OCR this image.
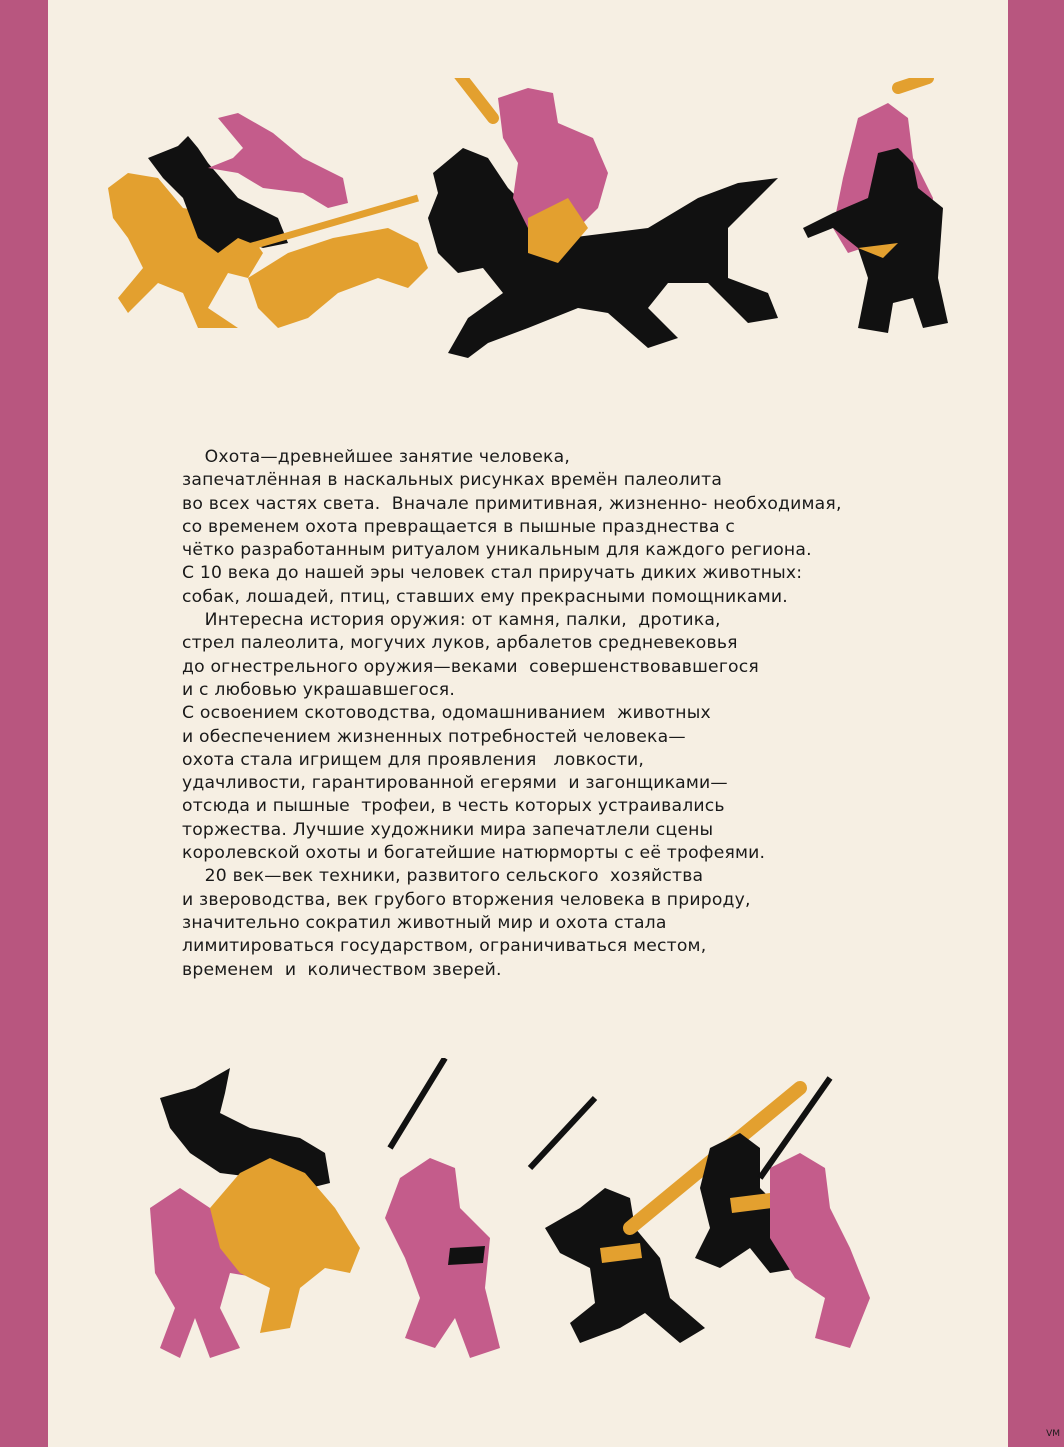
Охота—древнейшее занятие человека,
запечатлённая в наскальных рисунках времён палеолита
во всех частях света.  Вначале примитивная, жизненно- необходимая,
со временем охота превращается в пышные празднества с
чётко разработанным ритуалом уникальным для каждого региона.
С 10 века до нашей эры человек стал приручать диких животных:
собак, лошадей, птиц, ставших ему прекрасными помощниками.
Интересна история оружия: от камня, палки,  дротика,
стрел палеолита, могучих луков, арбалетов средневековья
до огнестрельного оружия—веками  совершенствовавшегося
и с любовью украшавшегося.
С освоением скотоводства, одомашниванием  животных
и обеспечением жизненных потребностей человека—
охота стала игрищем для проявления   ловкости,
удачливости, гарантированной егерями  и загонщиками—
отсюда и пышные  трофеи, в честь которых устраивались
торжества. Лучшие художники мира запечатлели сцены
королевской охоты и богатейшие натюрморты с её трофеями.
20 век—век техники, развитого сельского  хозяйства
и звероводства, век грубого вторжения человека в природу,
значительно сократил животный мир и охота стала
лимитироваться государством, ограничиваться местом,
временем  и  количеством зверей.
VM
